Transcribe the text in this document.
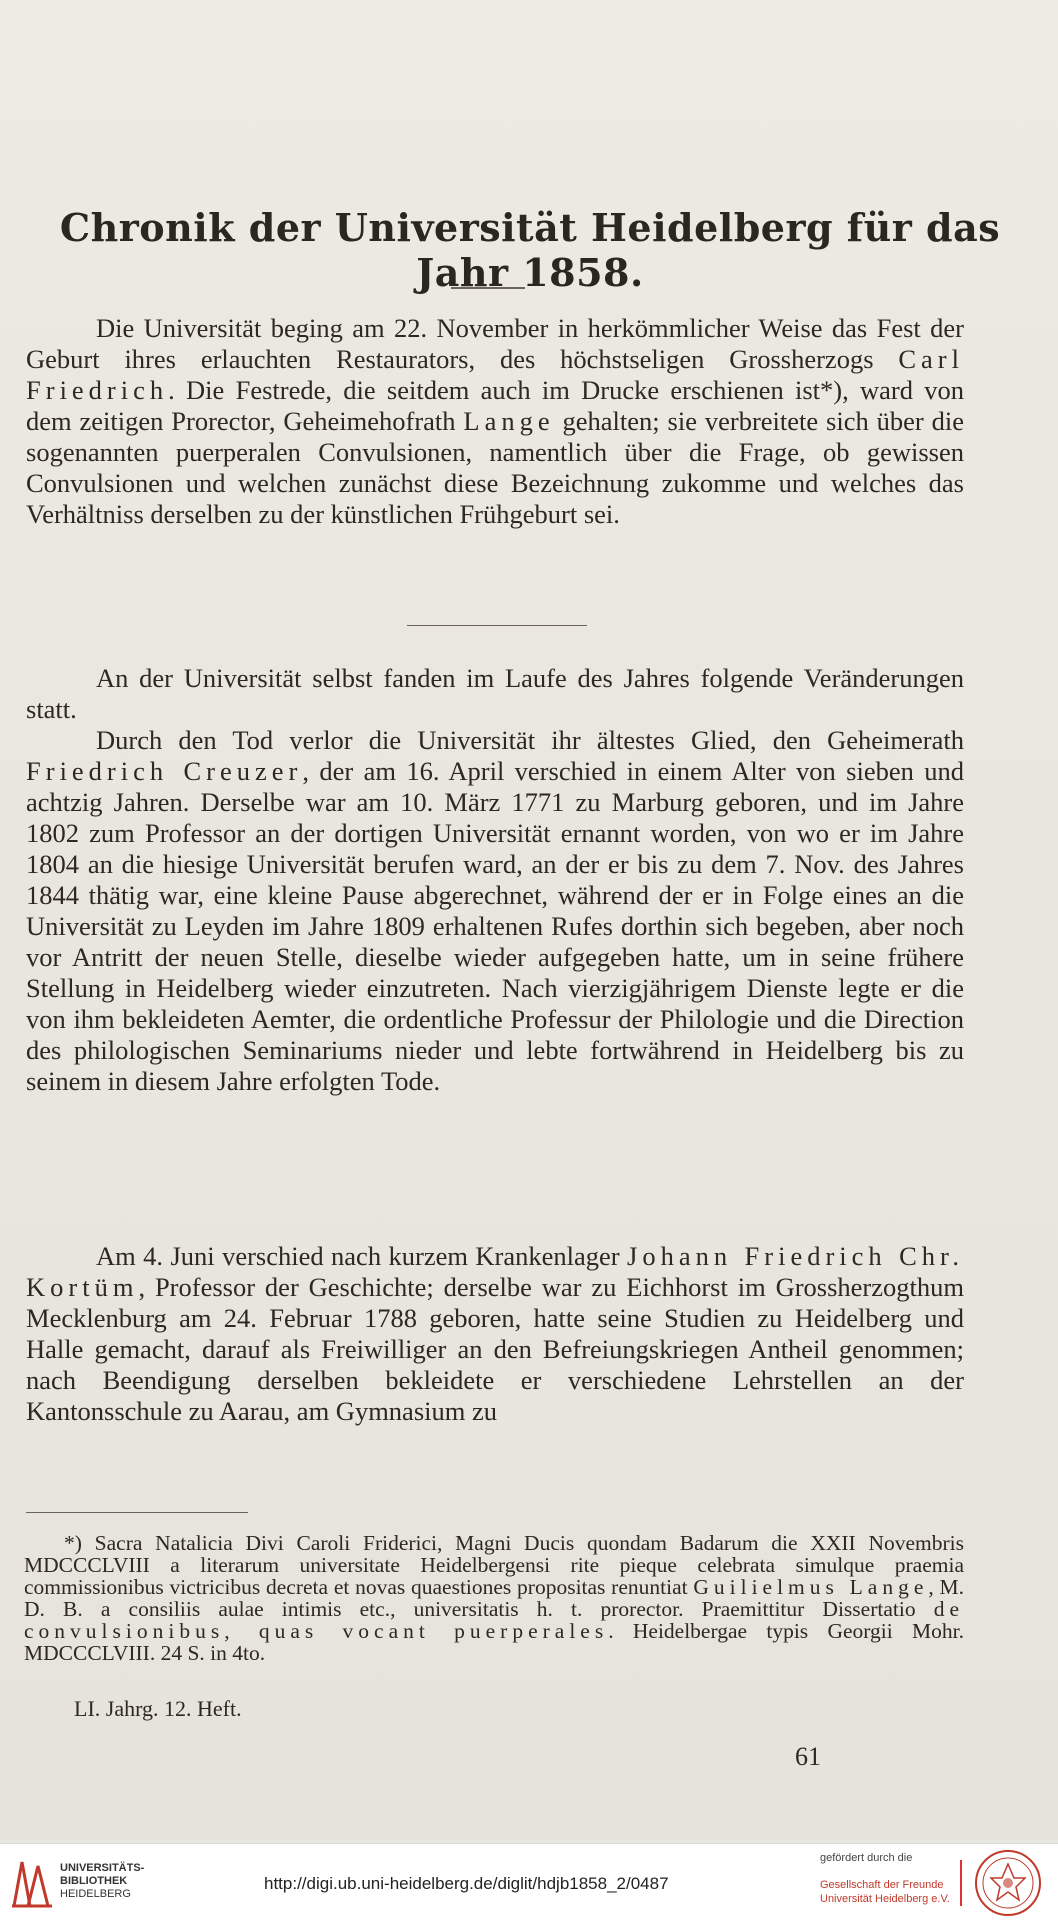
Chronik der Universität Heidelberg für das Jahr 1858.

Die Universität beging am 22. November in herkömmlicher Weise das Fest der Geburt ihres erlauchten Restaurators, des höchstseligen Grossherzogs Carl Friedrich. Die Festrede, die seitdem auch im Drucke erschienen ist*), ward von dem zeitigen Prorector, Geheimehofrath Lange gehalten; sie verbreitete sich über die sogenannten puerperalen Convulsionen, namentlich über die Frage, ob gewissen Convulsionen und welchen zunächst diese Bezeichnung zukomme und welches das Verhältniss derselben zu der künstlichen Frühgeburt sei.

An der Universität selbst fanden im Laufe des Jahres folgende Veränderungen statt.

Durch den Tod verlor die Universität ihr ältestes Glied, den Geheimerath Friedrich Creuzer, der am 16. April verschied in einem Alter von sieben und achtzig Jahren. Derselbe war am 10. März 1771 zu Marburg geboren, und im Jahre 1802 zum Professor an der dortigen Universität ernannt worden, von wo er im Jahre 1804 an die hiesige Universität berufen ward, an der er bis zu dem 7. Nov. des Jahres 1844 thätig war, eine kleine Pause abgerechnet, während der er in Folge eines an die Universität zu Leyden im Jahre 1809 erhaltenen Rufes dorthin sich begeben, aber noch vor Antritt der neuen Stelle, dieselbe wieder aufgegeben hatte, um in seine frühere Stellung in Heidelberg wieder einzutreten. Nach vierzigjährigem Dienste legte er die von ihm bekleideten Aemter, die ordentliche Professur der Philologie und die Direction des philologischen Seminariums nieder und lebte fortwährend in Heidelberg bis zu seinem in diesem Jahre erfolgten Tode.

Am 4. Juni verschied nach kurzem Krankenlager Johann Friedrich Chr. Kortüm, Professor der Geschichte; derselbe war zu Eichhorst im Grossherzogthum Mecklenburg am 24. Februar 1788 geboren, hatte seine Studien zu Heidelberg und Halle gemacht, darauf als Freiwilliger an den Befreiungskriegen Antheil genommen; nach Beendigung derselben bekleidete er verschiedene Lehrstellen an der Kantonsschule zu Aarau, am Gymnasium zu

*) Sacra Natalicia Divi Caroli Friderici, Magni Ducis quondam Badarum die XXII Novembris MDCCCLVIII a literarum universitate Heidelbergensi rite pieque celebrata simulque praemia commissionibus victricibus decreta et novas quaestiones propositas renuntiat Guilielmus Lange, M. D. B. a consiliis aulae intimis etc., universitatis h. t. prorector. Praemittitur Dissertatio de convulsionibus, quas vocant puerperales. Heidelbergae typis Georgii Mohr. MDCCCLVIII. 24 S. in 4to.

LI. Jahrg. 12. Heft.
61
UNIVERSITÄTS-
BIBLIOTHEK
HEIDELBERG
http://digi.ub.uni-heidelberg.de/diglit/hdjb1858_2/0487
gefördert durch die
Gesellschaft der Freunde
Universität Heidelberg e.V.
